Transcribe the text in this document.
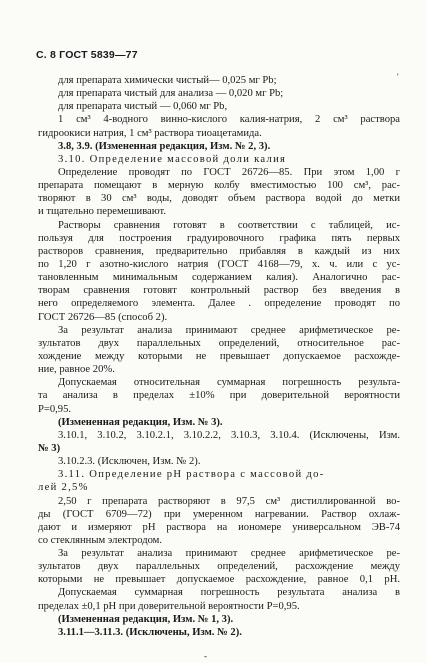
С. 8 ГОСТ 5839—77
'
для препарата химически чистый— 0,025 мг Pb;
для препарата чистый для анализа — 0,020 мг Pb;
для препарата чистый — 0,060 мг Pb,
1 см³ 4-водного винно-кислого калия-натрия, 2 см³ раствора
гидроокиси натрия, 1 см³ раствора тиоацетамида.
3.8, 3.9. (Измененная редакция, Изм. № 2, 3).
3.10. Определение массовой доли калия
Определение проводят по ГОСТ 26726—85. При этом 1,00 г
препарата помещают в мерную колбу вместимостью 100 см³, рас-
творяют в 30 см³ воды, доводят объем раствора водой до метки
и тщательно перемешивают.
Растворы сравнения готовят в соответствии с таблицей, ис-
пользуя для построения градуировочного графика пять первых
растворов сравнения, предварительно прибавляя в каждый из них
по 1,20 г азотно-кислого натрия (ГОСТ 4168—79, х. ч. или с ус-
тановленным минимальным содержанием калия). Аналогично рас-
творам сравнения готовят контрольный раствор без введения в
него определяемого элемента. Далее . определение проводят по
ГОСТ 26726—85 (способ 2).
За результат анализа принимают среднее арифметическое ре-
зультатов двух параллельных определений, относительное рас-
хождение между которыми не превышает допускаемое расхожде-
ние, равное 20%.
Допускаемая относительная суммарная погрешность результа-
та анализа в пределах ±10% при доверительной вероятности
P=0,95.
(Измененная редакция, Изм. № 3).
3.10.1, 3.10.2, 3.10.2.1, 3.10.2.2, 3.10.3, 3.10.4. (Исключены, Изм.
№ 3)
3.10.2.3. (Исключен, Изм. № 2).
3.11. Определение pH раствора с массовой до-
лей 2,5%
2,50 г препарата растворяют в 97,5 см³ дистиллированной во-
ды (ГОСТ 6709—72) при умеренном нагревании. Раствор охлаж-
дают и измеряют pH раствора на иономере универсальном ЭВ-74
со стеклянным электродом.
За результат анализа принимают среднее арифметическое ре-
зультатов двух параллельных определений, расхождение между
которыми не превышает допускаемое расхождение, равное 0,1 pH.
Допускаемая суммарная погрешность результата анализа в
пределах ±0,1 pH при доверительной вероятности P=0,95.
(Измененная редакция, Изм. № 1, 3).
3.11.1—3.11.3. (Исключены, Изм. № 2).
-
